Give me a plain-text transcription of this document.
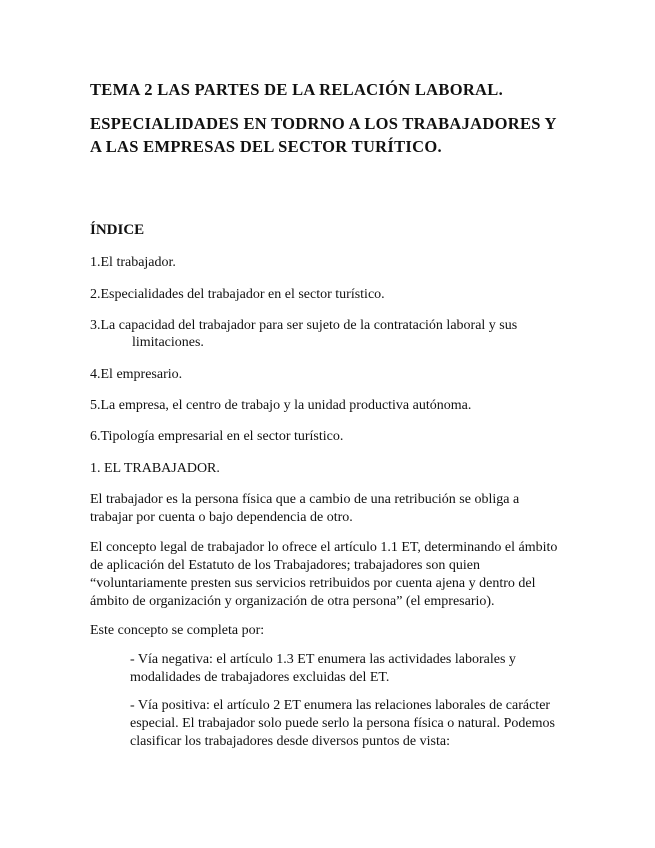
TEMA 2 LAS PARTES DE LA RELACIÓN LABORAL.
ESPECIALIDADES EN TODRNO A LOS TRABAJADORES Y A LAS EMPRESAS DEL SECTOR TURÍTICO.
ÍNDICE

1.El trabajador.

2.Especialidades del trabajador en el sector turístico.

3.La capacidad del trabajador para ser sujeto de la contratación laboral y sus

limitaciones.

4.El empresario.

5.La empresa, el centro de trabajo y la unidad productiva autónoma.

6.Tipología empresarial en el sector turístico.

1. EL TRABAJADOR.

El trabajador es la persona física que a cambio de una retribución se obliga a trabajar por cuenta o bajo dependencia de otro.

El concepto legal de trabajador lo ofrece el artículo 1.1 ET, determinando el ámbito de aplicación del Estatuto de los Trabajadores; trabajadores son quien “voluntariamente presten sus servicios retribuidos por cuenta ajena y dentro del ámbito de organización y organización de otra persona” (el empresario).

Este concepto se completa por:

- Vía negativa: el artículo 1.3 ET enumera las actividades laborales y modalidades de trabajadores excluidas del ET.

- Vía positiva: el artículo 2 ET enumera las relaciones laborales de carácter especial. El trabajador solo puede serlo la persona física o natural. Podemos clasificar los trabajadores desde diversos puntos de vista:
